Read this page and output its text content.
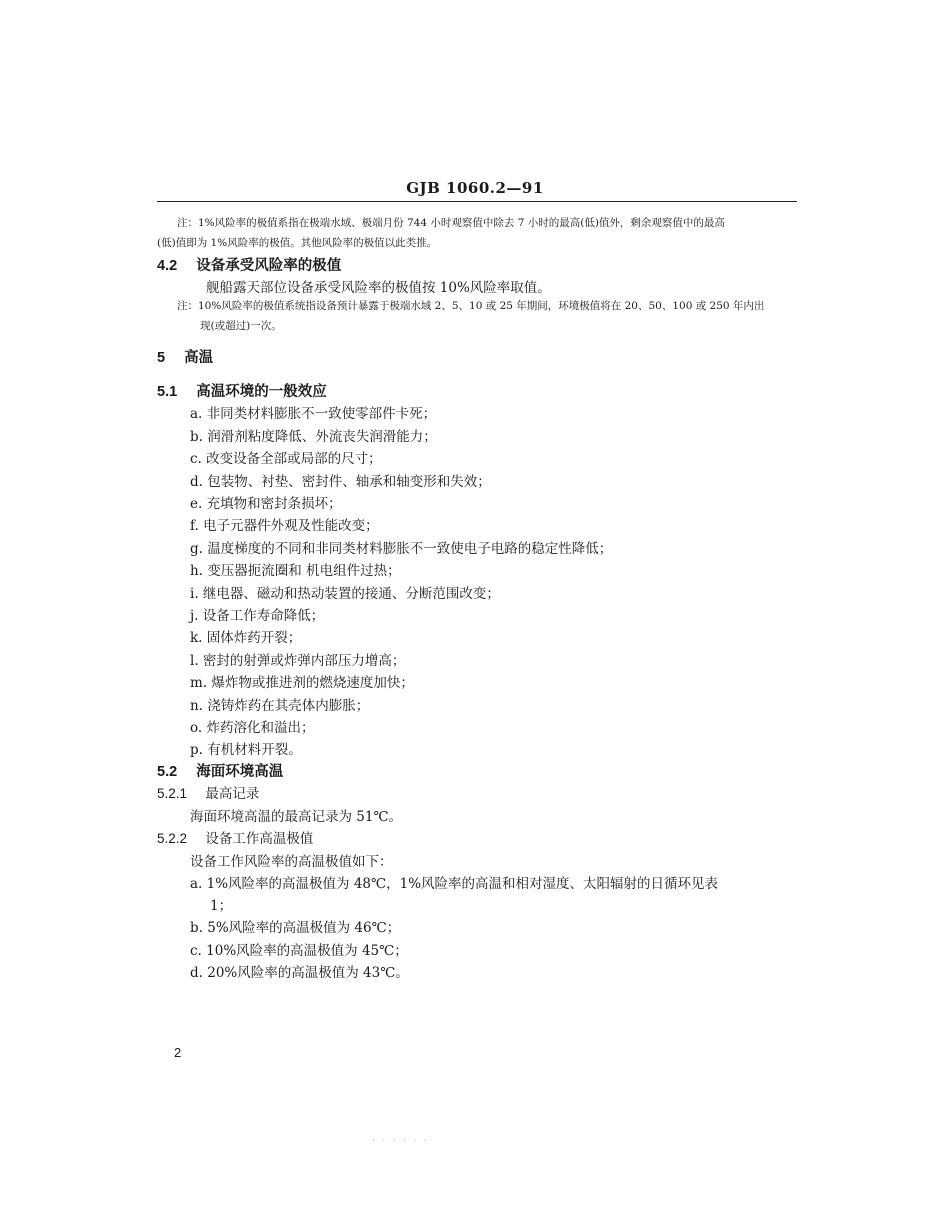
GJB 1060.2—91
注：1%风险率的极值系指在极端水域、极端月份 744 小时观察值中除去 7 小时的最高(低)值外，剩余观察值中的最高
(低)值即为 1%风险率的极值。其他风险率的极值以此类推。
4.2 设备承受风险率的极值
舰船露天部位设备承受风险率的极值按 10%风险率取值。
注：10%风险率的极值系统指设备预计暴露于极端水域 2、5、10 或 25 年期间，环境极值将在 20、50、100 或 250 年内出
现(或超过)一次。
5 高温
5.1 高温环境的一般效应
a. 非同类材料膨胀不一致使零部件卡死；
b. 润滑剂粘度降低、外流丧失润滑能力；
c. 改变设备全部或局部的尺寸；
d. 包装物、衬垫、密封件、轴承和轴变形和失效；
e. 充填物和密封条损坏；
f. 电子元器件外观及性能改变；
g. 温度梯度的不同和非同类材料膨胀不一致使电子电路的稳定性降低；
h. 变压器扼流圈和 机电组件过热；
i. 继电器、磁动和热动装置的接通、分断范围改变；
j. 设备工作寿命降低；
k. 固体炸药开裂；
l. 密封的射弹或炸弹内部压力增高；
m. 爆炸物或推进剂的燃烧速度加快；
n. 浇铸炸药在其壳体内膨胀；
o. 炸药溶化和溢出；
p. 有机材料开裂。
5.2 海面环境高温
5.2.1 最高记录
海面环境高温的最高记录为 51℃。
5.2.2 设备工作高温极值
设备工作风险率的高温极值如下：
a. 1%风险率的高温极值为 48℃，1%风险率的高温和相对湿度、太阳辐射的日循环见表
1；
b. 5%风险率的高温极值为 46℃；
c. 10%风险率的高温极值为 45℃；
d. 20%风险率的高温极值为 43℃。
2
· · · · · ·
